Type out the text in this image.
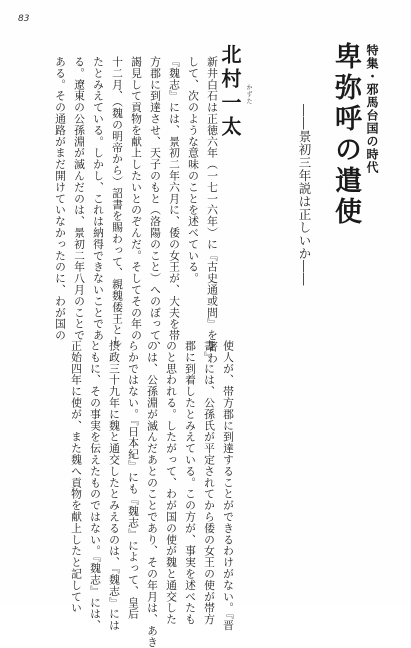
83

特集・邪馬台国の時代

卑弥呼の遣使

――景初三年説は正しいか――

北村一太 かずた

新井白石は正徳六年（一七一六年）に『古史通或問』を著わ

して、次のような意味のことを述べている。

『魏志』には、景初二年六月に、倭の女王が、大夫を帯

方郡に到達させ、天子のもと（洛陽のこと）へのぼって、

謁見して貢物を献上したいとのぞんだ。そしてその年の

十二月、（魏の明帝から）詔書を賜わって、親魏倭王とし

たとみえている。しかし、これは納得できないことであ

る。遼東の公孫淵が滅んだのは、景初二年八月のことで

ある。その通路がまだ開けていなかったのに、わが国の

使人が、帯方郡に到達することができるわけがない。『晋

書』には、公孫氏が平定されてから倭の女王の使が帯方

郡に到着したとみえている。この方が、事実を述べたも

のと思われる。したがって、わが国の使が魏と通交した

のは、公孫淵が滅んだあとのことであり、その年月は、あき

らかではない。『日本紀』にも『魏志』によって、皇后

摂政三十九年に魏と通交したとみえるのは、『魏志』には

ともに、その事実を伝えたものではない。『魏志』には、

正始四年に使が、また魏へ貢物を献上したと記してい
